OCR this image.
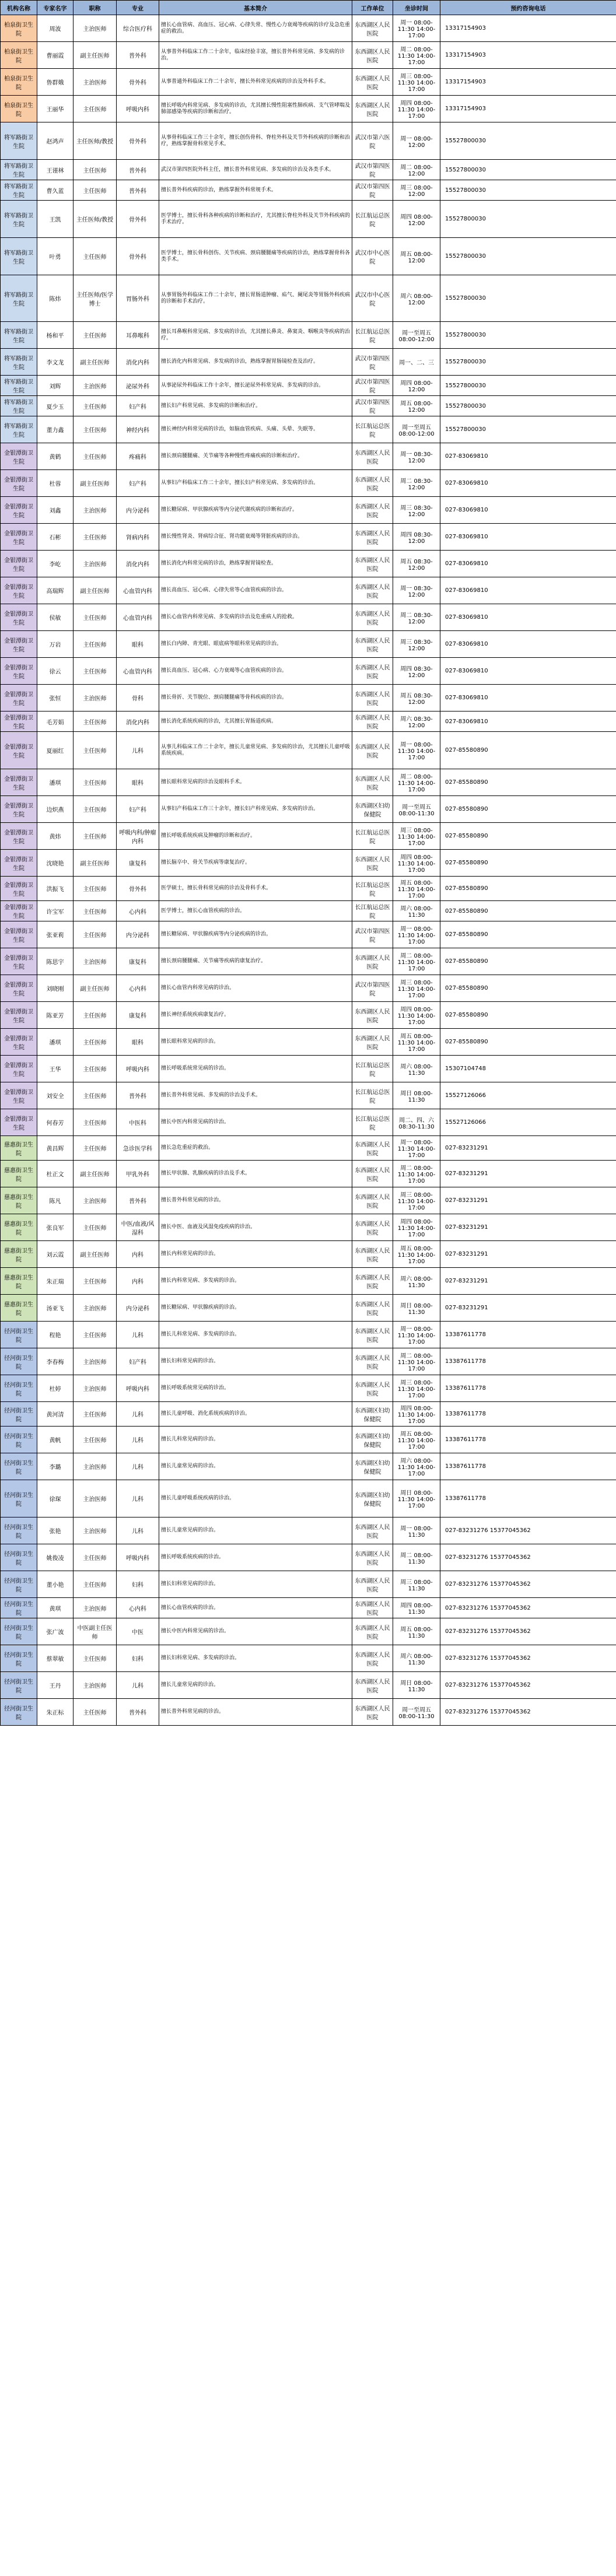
机构名称	专家名字	职称	专业	基本简介	工作单位	坐诊时间	预约咨询电话
柏泉街卫生院	周波	主治医师	综合医疗科	擅长心血管病、高血压、冠心病、心律失常、慢性心力衰竭等疾病的诊疗及急危重症的救治。	东西湖区人民医院	周一 08:00-11:30 14:00-17:00	13317154903
柏泉街卫生院	曹丽霞	副主任医师	普外科	从事普外科临床工作二十余年，临床经验丰富，擅长普外科常见病、多发病的诊治。	东西湖区人民医院	周二 08:00-11:30 14:00-17:00	13317154903
柏泉街卫生院	鲁群娥	主治医师	骨外科	从事普通外科临床工作二十余年，擅长外科常见疾病的诊治及外科手术。	东西湖区人民医院	周三 08:00-11:30 14:00-17:00	13317154903
柏泉街卫生院	王丽华	主任医师	呼吸内科	擅长呼吸内科常见病、多发病的诊治，尤其擅长慢性阻塞性肺疾病、支气管哮喘及肺部感染等疾病的诊断和治疗。	东西湖区人民医院	周四 08:00-11:30 14:00-17:00	13317154903
将军路街卫生院	赵鸿声	主任医师/教授	骨外科	从事骨科临床工作三十余年，擅长创伤骨科、脊柱外科及关节外科疾病的诊断和治疗，熟练掌握骨科常见手术。	武汉市第六医院	周一 08:00-12:00	15527800030
将军路街卫生院	王谨林	主任医师	普外科	武汉市第四医院外科主任，擅长普外科常见病、多发病的诊治及各类手术。	武汉市第四医院	周二 08:00-12:00	15527800030
将军路街卫生院	曹久蓝	主任医师	普外科	擅长普外科疾病的诊治，熟练掌握外科常规手术。	武汉市第四医院	周三 08:00-12:00	15527800030
将军路街卫生院	王凯	主任医师/教授	骨外科	医学博士，擅长骨科各种疾病的诊断和治疗，尤其擅长脊柱外科及关节外科疾病的手术治疗。	长江航运总医院	周四 08:00-12:00	15527800030
将军路街卫生院	叶勇	主任医师	骨外科	医学博士，擅长骨科创伤、关节疾病、颈肩腰腿痛等疾病的诊治，熟练掌握骨科各类手术。	武汉市中心医院	周五 08:00-12:00	15527800030
将军路街卫生院	陈炜	主任医师/医学博士	胃肠外科	从事胃肠外科临床工作二十余年，擅长胃肠道肿瘤、疝气、阑尾炎等胃肠外科疾病的诊断和手术治疗。	武汉市中心医院	周六 08:00-12:00	15527800030
将军路街卫生院	杨和平	主任医师	耳鼻喉科	擅长耳鼻喉科常见病、多发病的诊治，尤其擅长鼻炎、鼻窦炎、咽喉炎等疾病的治疗。	长江航运总医院	周一至周五 08:00-12:00	15527800030
将军路街卫生院	李文龙	副主任医师	消化内科	擅长消化内科常见病、多发病的诊治，熟练掌握胃肠镜检查及治疗。	武汉市第四医院	周一、二、三	15527800030
将军路街卫生院	刘辉	主治医师	泌尿外科	从事泌尿外科临床工作十余年，擅长泌尿外科常见病、多发病的诊治。	武汉市第四医院	周四 08:00-12:00	15527800030
将军路街卫生院	夏少玉	主任医师	妇产科	擅长妇产科常见病、多发病的诊断和治疗。	武汉市第四医院	周五 08:00-12:00	15527800030
将军路街卫生院	董力鑫	主任医师	神经内科	擅长神经内科常见病的诊治，如脑血管疾病、头痛、头晕、失眠等。	长江航运总医院	周一至周五 08:00-12:00	15527800030
金银潭街卫生院	黄鹤	主任医师	疼痛科	擅长颈肩腰腿痛、关节痛等各种慢性疼痛疾病的诊断和治疗。	东西湖区人民医院	周一 08:30-12:00	027-83069810
金银潭街卫生院	杜蓉	副主任医师	妇产科	从事妇产科临床工作二十余年，擅长妇产科常见病、多发病的诊治。	东西湖区人民医院	周二 08:30-12:00	027-83069810
金银潭街卫生院	刘鑫	主治医师	内分泌科	擅长糖尿病、甲状腺疾病等内分泌代谢疾病的诊断和治疗。	东西湖区人民医院	周三 08:30-12:00	027-83069810
金银潭街卫生院	石彬	主任医师	肾病内科	擅长慢性肾炎、肾病综合征、肾功能衰竭等肾脏疾病的诊治。	东西湖区人民医院	周四 08:30-12:00	027-83069810
金银潭街卫生院	李屹	主治医师	消化内科	擅长消化内科常见病的诊治，熟练掌握胃镜检查。	东西湖区人民医院	周五 08:30-12:00	027-83069810
金银潭街卫生院	高瑞辉	副主任医师	心血管内科	擅长高血压、冠心病、心律失常等心血管疾病的诊治。	东西湖区人民医院	周一 08:30-12:00	027-83069810
金银潭街卫生院	侯敏	主任医师	心血管内科	擅长心血管内科常见病、多发病的诊治及危重病人的抢救。	东西湖区人民医院	周二 08:30-12:00	027-83069810
金银潭街卫生院	万岩	主任医师	眼科	擅长白内障、青光眼、眼底病等眼科常见病的诊治。	东西湖区人民医院	周三 08:30-12:00	027-83069810
金银潭街卫生院	徐云	主任医师	心血管内科	擅长高血压、冠心病、心力衰竭等心血管疾病的诊治。	东西湖区人民医院	周四 08:30-12:00	027-83069810
金银潭街卫生院	张恒	主治医师	骨科	擅长骨折、关节脱位、颈肩腰腿痛等骨科疾病的诊治。	东西湖区人民医院	周五 08:30-12:00	027-83069810
金银潭街卫生院	毛芳娟	主任医师	消化内科	擅长消化系统疾病的诊治，尤其擅长胃肠道疾病。	东西湖区人民医院	周六 08:30-12:00	027-83069810
金银潭街卫生院	夏丽红	主任医师	儿科	从事儿科临床工作二十余年，擅长儿童常见病、多发病的诊治，尤其擅长儿童呼吸系统疾病。	东西湖区人民医院	周一 08:00-11:30 14:00-17:00	027-85580890
金银潭街卫生院	潘琪	主任医师	眼科	擅长眼科常见病的诊治及眼科手术。	东西湖区人民医院	周二 08:00-11:30 14:00-17:00	027-85580890
金银潭街卫生院	边炽燕	主任医师	妇产科	从事妇产科临床工作三十余年，擅长妇产科常见病、多发病的诊治。	东西湖区妇幼保健院	周一至周五 08:00-11:30	027-85580890
金银潭街卫生院	黄炜	主任医师	呼吸内科/肿瘤内科	擅长呼吸系统疾病及肿瘤的诊断和治疗。	长江航运总医院	周三 08:00-11:30 14:00-17:00	027-85580890
金银潭街卫生院	沈晓艳	副主任医师	康复科	擅长脑卒中、骨关节疾病等康复治疗。	东西湖区人民医院	周四 08:00-11:30 14:00-17:00	027-85580890
金银潭街卫生院	洪振飞	主任医师	骨外科	医学硕士，擅长骨科常见病的诊治及骨科手术。	长江航运总医院	周五 08:00-11:30 14:00-17:00	027-85580890
金银潭街卫生院	许宝军	主任医师	心内科	医学博士，擅长心血管疾病的诊治。	长江航运总医院	周六 08:00-11:30	027-85580890
金银潭街卫生院	张亚莉	主任医师	内分泌科	擅长糖尿病、甲状腺疾病等内分泌疾病的诊治。	武汉市第四医院	周一 08:00-11:30 14:00-17:00	027-85580890
金银潭街卫生院	陈思宇	主治医师	康复科	擅长颈肩腰腿痛、关节痛等疾病的康复治疗。	东西湖区人民医院	周二 08:00-11:30 14:00-17:00	027-85580890
金银潭街卫生院	刘晓刚	副主任医师	心内科	擅长心血管内科常见病的诊治。	武汉市第四医院	周三 08:00-11:30 14:00-17:00	027-85580890
金银潭街卫生院	陈亚芳	主任医师	康复科	擅长神经系统疾病康复治疗。	东西湖区人民医院	周四 08:00-11:30 14:00-17:00	027-85580890
金银潭街卫生院	潘琪	主任医师	眼科	擅长眼科常见病的诊治。	东西湖区人民医院	周五 08:00-11:30 14:00-17:00	027-85580890
金银潭街卫生院	王华	主任医师	呼吸内科	擅长呼吸系统常见病的诊治。	长江航运总医院	周六 08:00-11:30	15307104748
金银潭街卫生院	刘安全	主任医师	普外科	擅长普外科常见病、多发病的诊治及手术。	长江航运总医院	周日 08:00-11:30	15527126066
金银潭街卫生院	何春芳	主任医师	中医科	擅长中医内科常见病的诊治。	长江航运总医院	周二、四、六 08:30-11:30	15527126066
慈惠街卫生院	黄昌辉	主任医师	急诊医学科	擅长急危重症的救治。	东西湖区人民医院	周一 08:00-11:30 14:00-17:00	027-83231291
慈惠街卫生院	杜正文	副主任医师	甲乳外科	擅长甲状腺、乳腺疾病的诊治及手术。	东西湖区人民医院	周二 08:00-11:30 14:00-17:00	027-83231291
慈惠街卫生院	陈凡	主治医师	普外科	擅长普外科常见病的诊治。	东西湖区人民医院	周三 08:00-11:30 14:00-17:00	027-83231291
慈惠街卫生院	张良军	主任医师	中医/血液/风湿科	擅长中医、血液及风湿免疫疾病的诊治。	东西湖区人民医院	周四 08:00-11:30 14:00-17:00	027-83231291
慈惠街卫生院	刘云霞	副主任医师	内科	擅长内科常见病的诊治。	东西湖区人民医院	周五 08:00-11:30 14:00-17:00	027-83231291
慈惠街卫生院	朱正瑞	主任医师	内科	擅长内科常见病、多发病的诊治。	东西湖区人民医院	周六 08:00-11:30	027-83231291
慈惠街卫生院	汤亚飞	主治医师	内分泌科	擅长糖尿病、甲状腺疾病的诊治。	东西湖区人民医院	周日 08:00-11:30	027-83231291
径河街卫生院	程艳	主任医师	儿科	擅长儿科常见病、多发病的诊治。	东西湖区人民医院	周一 08:00-11:30 14:00-17:00	13387611778
径河街卫生院	李春梅	主治医师	妇产科	擅长妇科常见病的诊治。	东西湖区人民医院	周二 08:00-11:30 14:00-17:00	13387611778
径河街卫生院	杜婷	主治医师	呼吸内科	擅长呼吸系统常见病的诊治。	东西湖区人民医院	周三 08:00-11:30 14:00-17:00	13387611778
径河街卫生院	黄河清	主任医师	儿科	擅长儿童呼吸、消化系统疾病的诊治。	东西湖区妇幼保健院	周四 08:00-11:30 14:00-17:00	13387611778
径河街卫生院	黄帆	主任医师	儿科	擅长儿科常见病的诊治。	东西湖区妇幼保健院	周五 08:00-11:30 14:00-17:00	13387611778
径河街卫生院	李璐	主治医师	儿科	擅长儿童常见病的诊治。	东西湖区妇幼保健院	周六 08:00-11:30 14:00-17:00	13387611778
径河街卫生院	徐琛	主治医师	儿科	擅长儿童呼吸系统疾病的诊治。	东西湖区妇幼保健院	周日 08:00-11:30 14:00-17:00	13387611778
径河街卫生院	张艳	主治医师	儿科	擅长儿童常见病的诊治。	东西湖区人民医院	周一 08:00-11:30	027-83231276 15377045362
径河街卫生院	姚俊凌	主任医师	呼吸内科	擅长呼吸系统疾病的诊治。	东西湖区人民医院	周二 08:00-11:30	027-83231276 15377045362
径河街卫生院	董小艳	主任医师	妇科	擅长妇科常见病的诊治。	东西湖区人民医院	周三 08:00-11:30	027-83231276 15377045362
径河街卫生院	黄琪	主治医师	心内科	擅长心血管疾病的诊治。	东西湖区人民医院	周四 08:00-11:30	027-83231276 15377045362
径河街卫生院	张广波	中医副主任医师	中医	擅长中医内科常见病的诊治。	东西湖区人民医院	周五 08:00-11:30	027-83231276 15377045362
径河街卫生院	蔡翠敏	主任医师	妇科	擅长妇科常见病、多发病的诊治。	东西湖区人民医院	周六 08:00-11:30	027-83231276 15377045362
径河街卫生院	王丹	主治医师	儿科	擅长儿童常见病的诊治。	东西湖区人民医院	周日 08:00-11:30	027-83231276 15377045362
径河街卫生院	朱正标	主任医师	普外科	擅长普外科常见病的诊治。	东西湖区人民医院	周一至周五 08:00-11:30	027-83231276 15377045362
